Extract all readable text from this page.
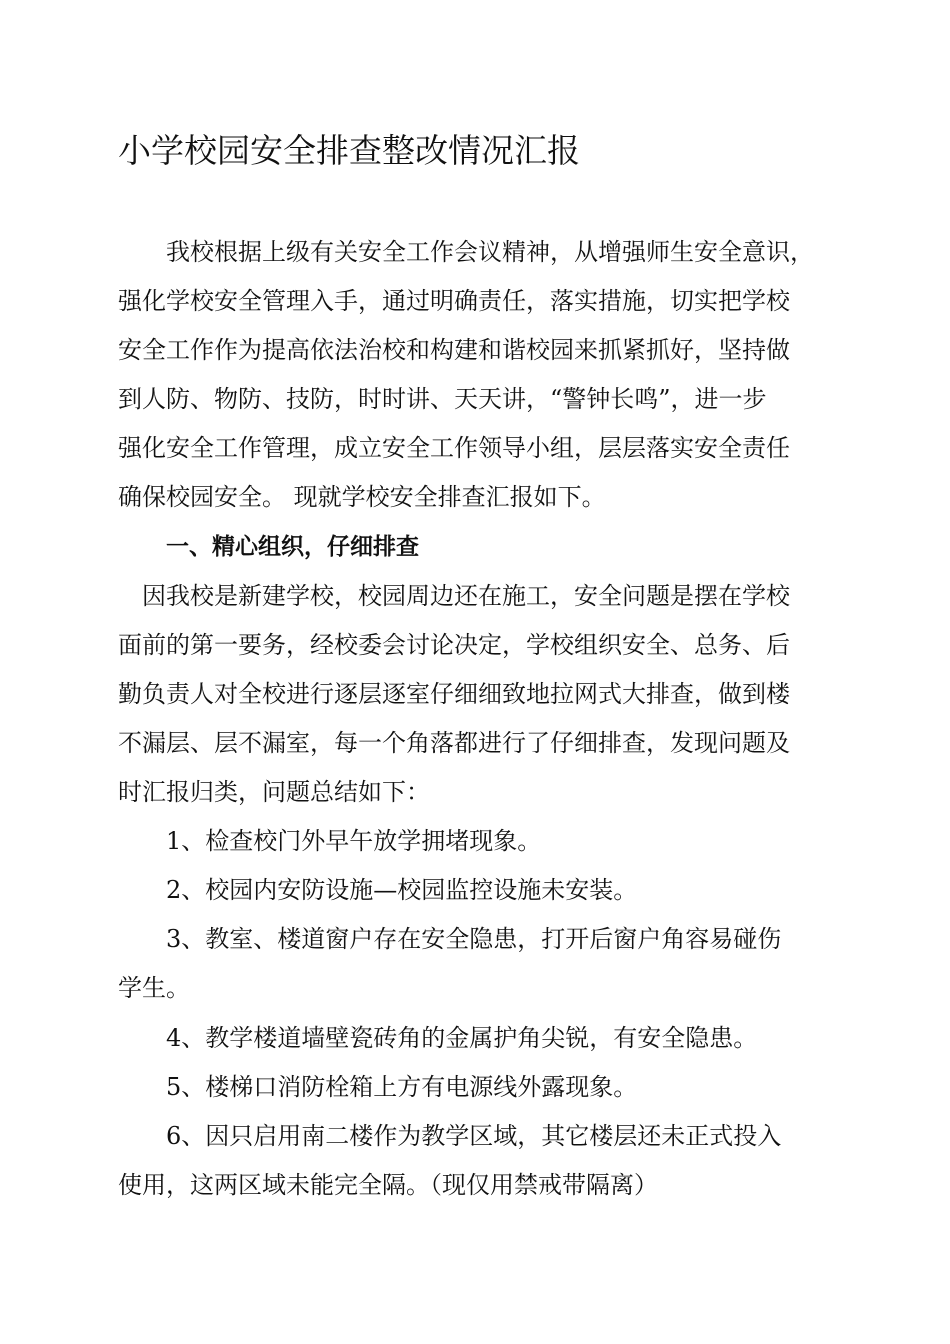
小学校园安全排查整改情况汇报
我校根据上级有关安全工作会议精神，从增强师生安全意识，
强化学校安全管理入手，通过明确责任，落实措施，切实把学校
安全工作作为提高依法治校和构建和谐校园来抓紧抓好，坚持做
到人防、物防、技防，时时讲、天天讲，“警钟长鸣”，进一步
强化安全工作管理，成立安全工作领导小组，层层落实安全责任
确保校园安全。 现就学校安全排查汇报如下。
一、精心组织，仔细排查
因我校是新建学校，校园周边还在施工，安全问题是摆在学校
面前的第一要务，经校委会讨论决定，学校组织安全、总务、后
勤负责人对全校进行逐层逐室仔细细致地拉网式大排查，做到楼
不漏层、层不漏室，每一个角落都进行了仔细排查，发现问题及
时汇报归类，问题总结如下：
1、检查校门外早午放学拥堵现象。
2、校园内安防设施—校园监控设施未安装。
3、教室、楼道窗户存在安全隐患，打开后窗户角容易碰伤
学生。
4、教学楼道墙壁瓷砖角的金属护角尖锐，有安全隐患。
5、楼梯口消防栓箱上方有电源线外露现象。
6、因只启用南二楼作为教学区域，其它楼层还未正式投入
使用，这两区域未能完全隔。（现仅用禁戒带隔离）
